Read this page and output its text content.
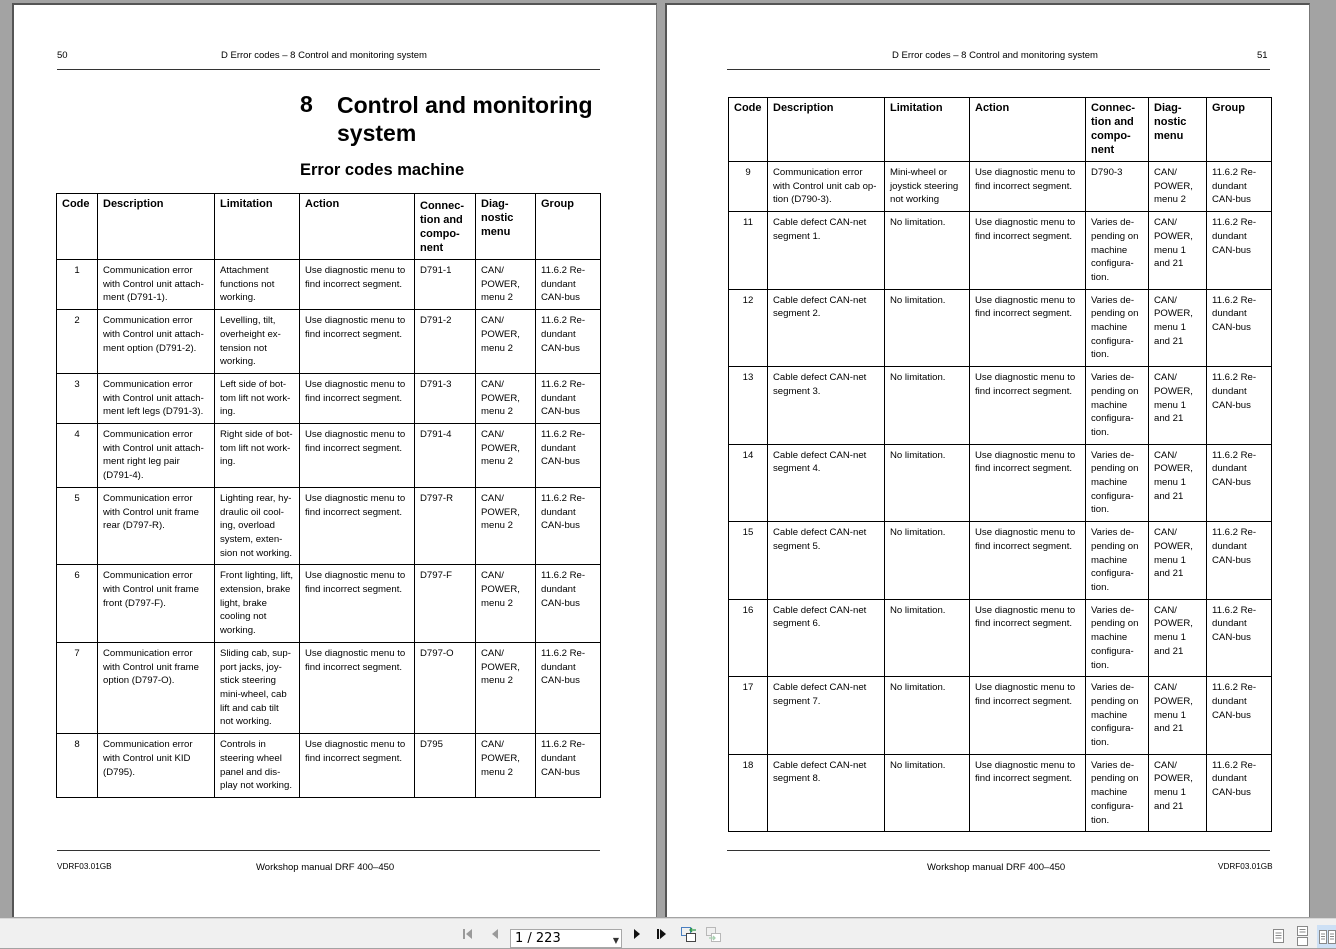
50	D Error codes – 8 Control and monitoring system
8 Control and monitoring system
Error codes machine
Code	Description	Limitation	Action	Connec-tion and compo-nent	Diag-nostic menu	Group
1	Communication error with Control unit attach-ment (D791-1).	Attachment functions not working.	Use diagnostic menu to find incorrect segment.	D791-1	CAN/ POWER, menu 2	11.6.2 Re-dundant CAN-bus
2	Communication error with Control unit attach-ment option (D791-2).	Levelling, tilt, overheight ex-tension not working.	Use diagnostic menu to find incorrect segment.	D791-2	CAN/ POWER, menu 2	11.6.2 Re-dundant CAN-bus
3	Communication error with Control unit attach-ment left legs (D791-3).	Left side of bot-tom lift not work-ing.	Use diagnostic menu to find incorrect segment.	D791-3	CAN/ POWER, menu 2	11.6.2 Re-dundant CAN-bus
4	Communication error with Control unit attach-ment right leg pair (D791-4).	Right side of bot-tom lift not work-ing.	Use diagnostic menu to find incorrect segment.	D791-4	CAN/ POWER, menu 2	11.6.2 Re-dundant CAN-bus
5	Communication error with Control unit frame rear (D797-R).	Lighting rear, hy-draulic oil cool-ing, overload system, exten-sion not working.	Use diagnostic menu to find incorrect segment.	D797-R	CAN/ POWER, menu 2	11.6.2 Re-dundant CAN-bus
6	Communication error with Control unit frame front (D797-F).	Front lighting, lift, extension, brake light, brake cooling not working.	Use diagnostic menu to find incorrect segment.	D797-F	CAN/ POWER, menu 2	11.6.2 Re-dundant CAN-bus
7	Communication error with Control unit frame option (D797-O).	Sliding cab, sup-port jacks, joy-stick steering mini-wheel, cab lift and cab tilt not working.	Use diagnostic menu to find incorrect segment.	D797-O	CAN/ POWER, menu 2	11.6.2 Re-dundant CAN-bus
8	Communication error with Control unit KID (D795).	Controls in steering wheel panel and dis-play not working.	Use diagnostic menu to find incorrect segment.	D795	CAN/ POWER, menu 2	11.6.2 Re-dundant CAN-bus
VDRF03.01GB	Workshop manual DRF 400–450
D Error codes – 8 Control and monitoring system	51
Code	Description	Limitation	Action	Connec-tion and compo-nent	Diag-nostic menu	Group
9	Communication error with Control unit cab op-tion (D790-3).	Mini-wheel or joystick steering not working	Use diagnostic menu to find incorrect segment.	D790-3	CAN/ POWER, menu 2	11.6.2 Re-dundant CAN-bus
11	Cable defect CAN-net segment 1.	No limitation.	Use diagnostic menu to find incorrect segment.	Varies de-pending on machine configura-tion.	CAN/ POWER, menu 1 and 21	11.6.2 Re-dundant CAN-bus
12	Cable defect CAN-net segment 2.	No limitation.	Use diagnostic menu to find incorrect segment.	Varies de-pending on machine configura-tion.	CAN/ POWER, menu 1 and 21	11.6.2 Re-dundant CAN-bus
13	Cable defect CAN-net segment 3.	No limitation.	Use diagnostic menu to find incorrect segment.	Varies de-pending on machine configura-tion.	CAN/ POWER, menu 1 and 21	11.6.2 Re-dundant CAN-bus
14	Cable defect CAN-net segment 4.	No limitation.	Use diagnostic menu to find incorrect segment.	Varies de-pending on machine configura-tion.	CAN/ POWER, menu 1 and 21	11.6.2 Re-dundant CAN-bus
15	Cable defect CAN-net segment 5.	No limitation.	Use diagnostic menu to find incorrect segment.	Varies de-pending on machine configura-tion.	CAN/ POWER, menu 1 and 21	11.6.2 Re-dundant CAN-bus
16	Cable defect CAN-net segment 6.	No limitation.	Use diagnostic menu to find incorrect segment.	Varies de-pending on machine configura-tion.	CAN/ POWER, menu 1 and 21	11.6.2 Re-dundant CAN-bus
17	Cable defect CAN-net segment 7.	No limitation.	Use diagnostic menu to find incorrect segment.	Varies de-pending on machine configura-tion.	CAN/ POWER, menu 1 and 21	11.6.2 Re-dundant CAN-bus
18	Cable defect CAN-net segment 8.	No limitation.	Use diagnostic menu to find incorrect segment.	Varies de-pending on machine configura-tion.	CAN/ POWER, menu 1 and 21	11.6.2 Re-dundant CAN-bus
Workshop manual DRF 400–450	VDRF03.01GB
1 / 223	▼
